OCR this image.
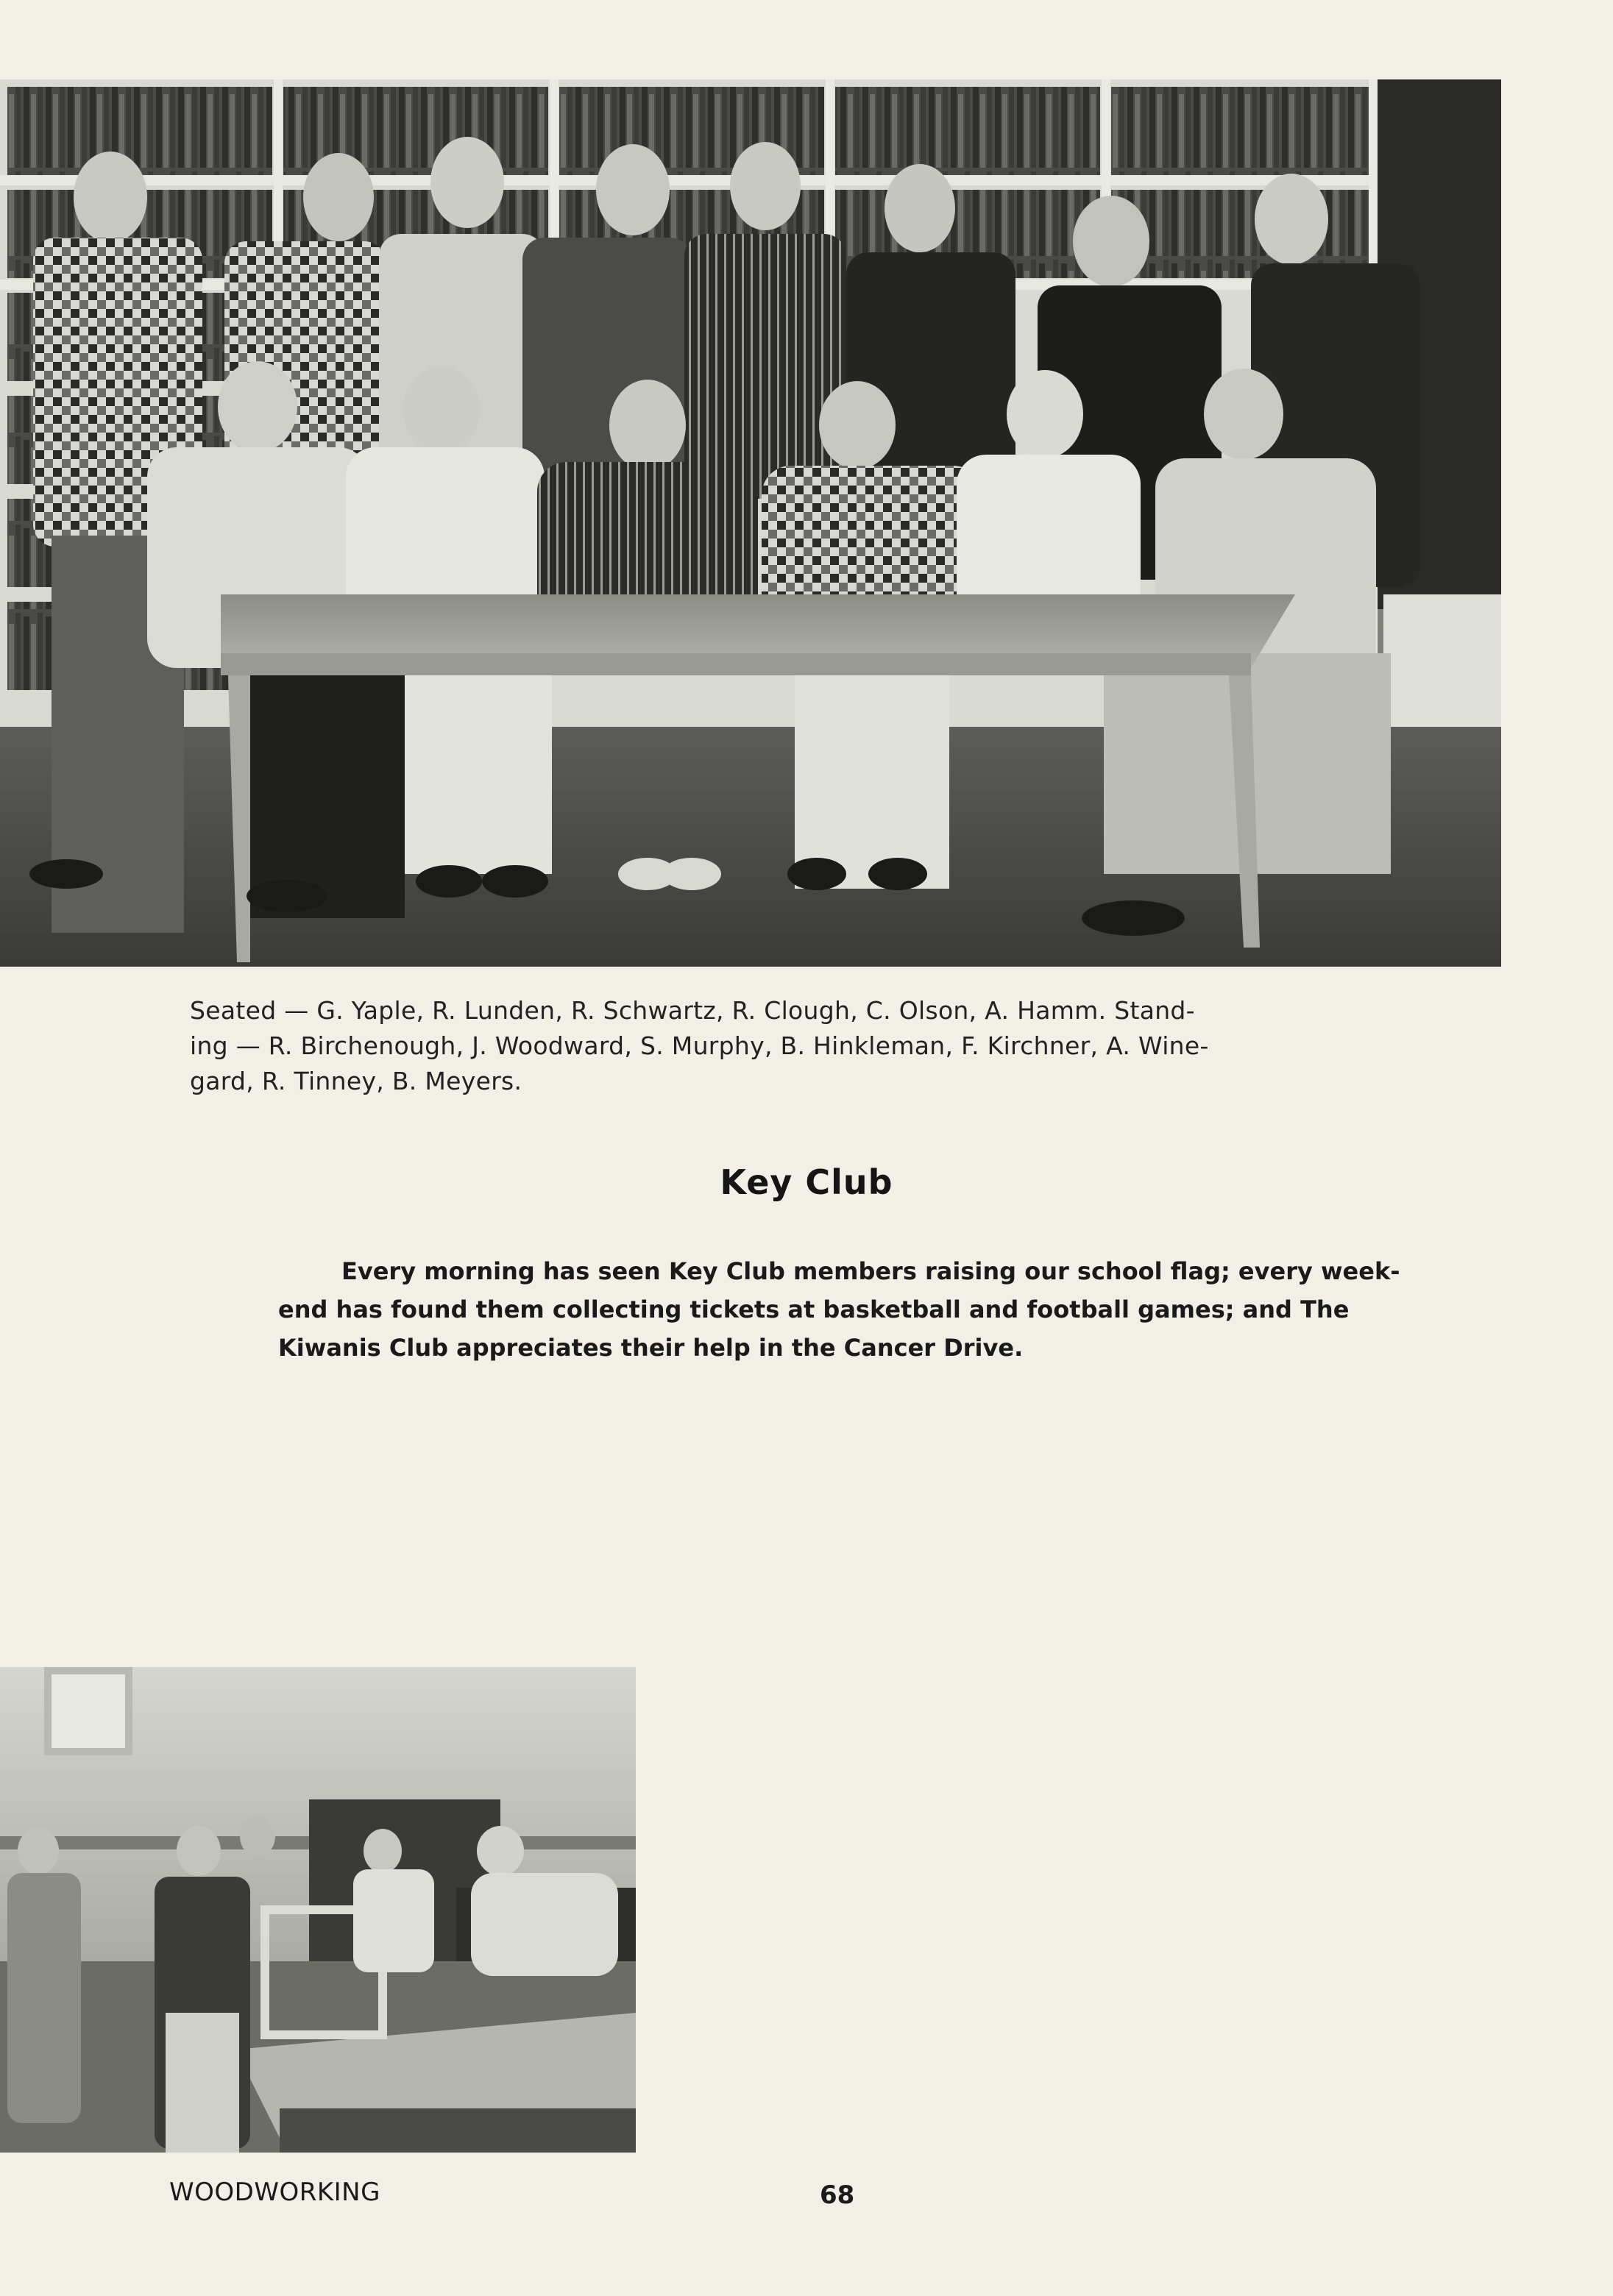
Seated — G. Yaple, R. Lunden, R. Schwartz, R. Clough, C. Olson, A. Hamm. Stand-
ing — R. Birchenough, J. Woodward, S. Murphy, B. Hinkleman, F. Kirchner, A. Wine-
gard, R. Tinney, B. Meyers.
Key Club
Every morning has seen Key Club members raising our school flag; every week-
end has found them collecting tickets at basketball and football games; and The
Kiwanis Club appreciates their help in the Cancer Drive.
WOODWORKING	68
